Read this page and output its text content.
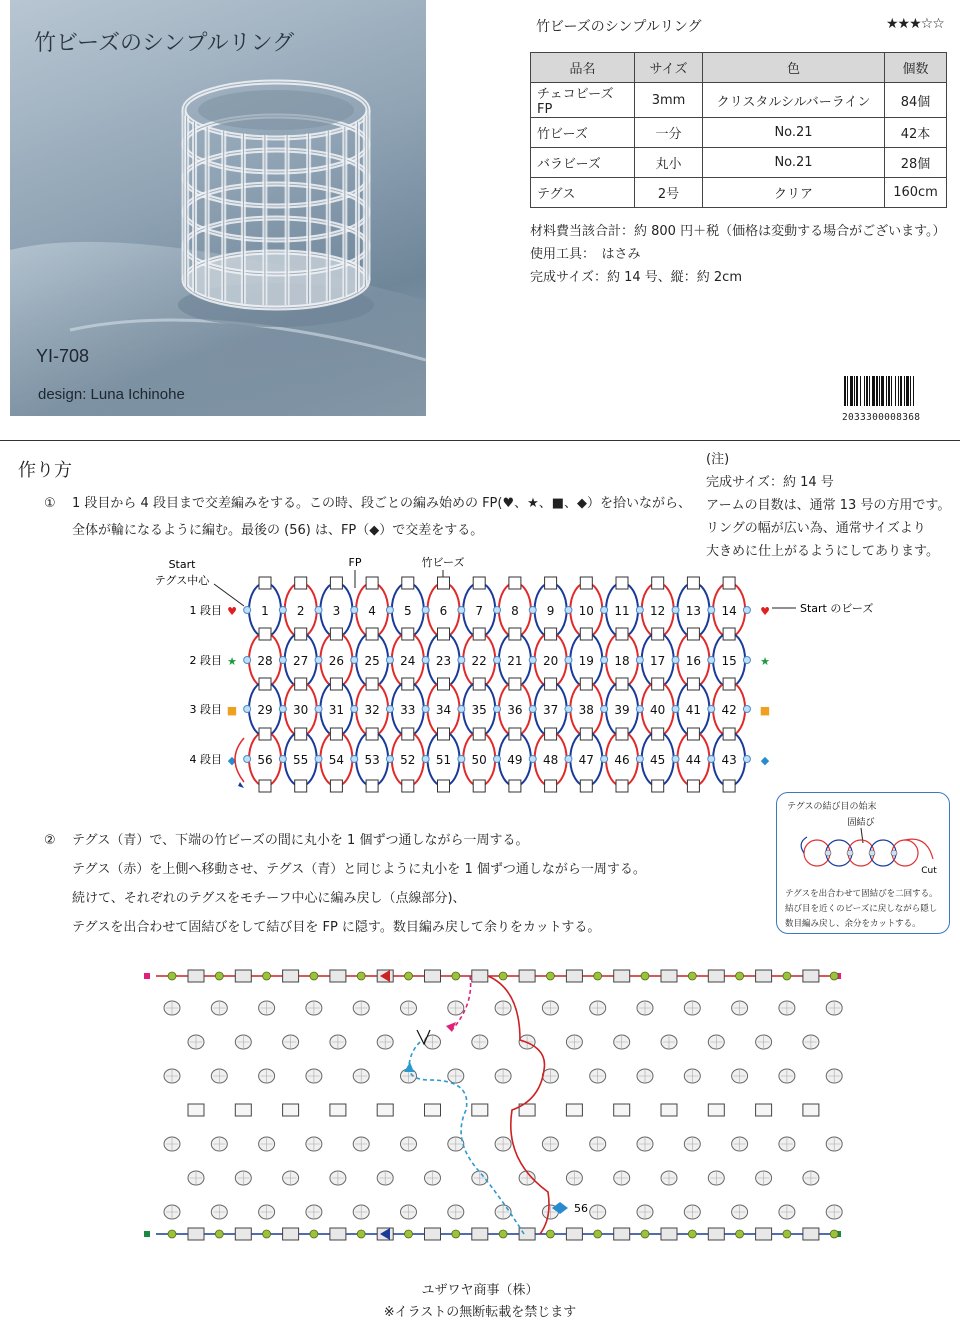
竹ビーズのシンプルリング
YI-708
design: Luna Ichinohe
竹ビーズのシンプルリング	★★★☆☆
品名	サイズ	色	個数
チェコビーズ　FP	3mm	クリスタルシルバーライン	84個
竹ビーズ	一分	No.21	42本
バラビーズ	丸小	No.21	28個
テグス	2号	クリア	160cm
材料費当該合計：約 800 円＋税（価格は変動する場合がございます。）
使用工具：　はさみ
完成サイズ：約 14 号、縦：約 2cm
2033300008368
作り方
① 1 段目から 4 段目まで交差編みをする。この時、段ごとの編み始めの FP(♥、★、■、◆）を拾いながら、
全体が輪になるように編む。最後の (56) は、FP（◆）で交差をする。
(注)
完成サイズ：約 14 号
アームの目数は、通常 13 号の方用です。
リングの幅が広い為、通常サイズより
大きめに仕上がるようにしてあります。
Start
テグス中心
FP	竹ビーズ
Start のビーズ
1 2 3 4 5 6 7 8 9 10 11 12 13 14
1 段目 ♥	♥
28 27 26 25 24 23 22 21 20 19 18 17 16 15
2 段目 ★	★
29 30 31 32 33 34 35 36 37 38 39 40 41 42
3 段目 ■	■
56 55 54 53 52 51 50 49 48 47 46 45 44 43
4 段目 ◆	◆
② テグス（青）で、下端の竹ビーズの間に丸小を 1 個ずつ通しながら一周する。
テグス（赤）を上側へ移動させ、テグス（青）と同じように丸小を 1 個ずつ通しながら一周する。
続けて、それぞれのテグスをモチーフ中心に編み戻し（点線部分)、
テグスを出合わせて固結びをして結び目を FP に隠す。数目編み戻して余りをカットする。
テグスの結び目の始末
固結び
Cut
テグスを出合わせて固結びを二回する。
結び目を近くのビーズに戻しながら隠し
数目編み戻し、余分をカットする。
56
ユザワヤ商事（株）
※イラストの無断転載を禁じます
